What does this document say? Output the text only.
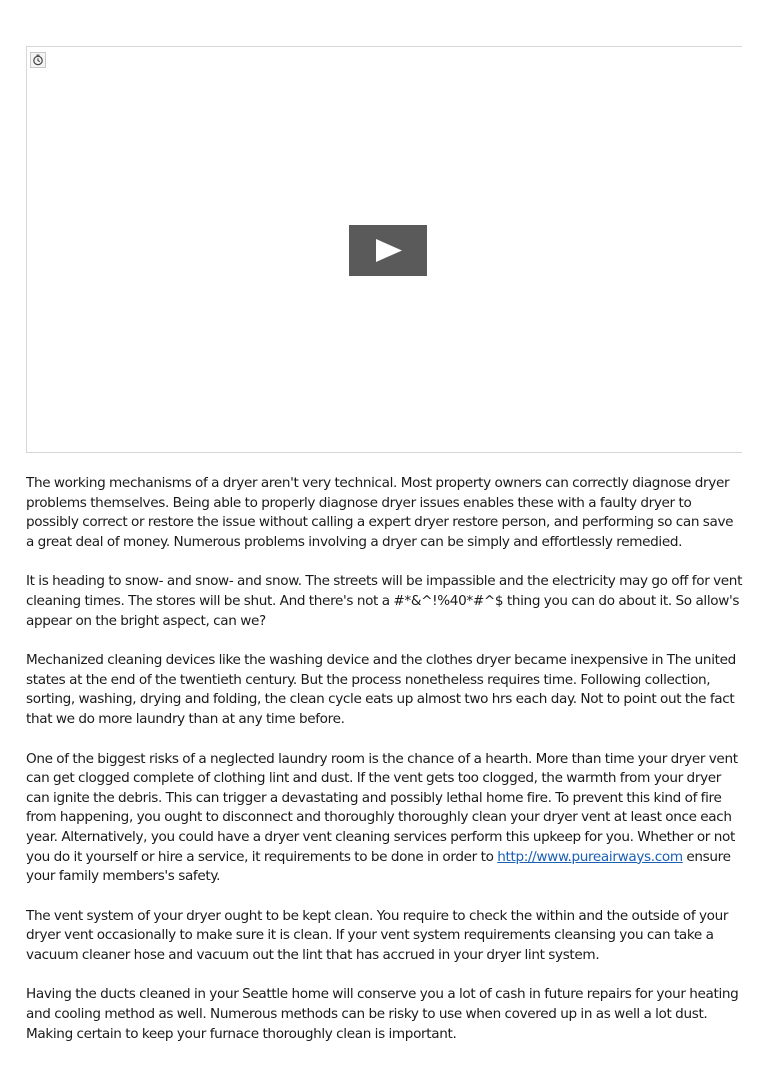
The working mechanisms of a dryer aren't very technical. Most property owners can correctly diagnose dryer problems themselves. Being able to properly diagnose dryer issues enables these with a faulty dryer to possibly correct or restore the issue without calling a expert dryer restore person, and performing so can save a great deal of money. Numerous problems involving a dryer can be simply and effortlessly remedied.

It is heading to snow- and snow- and snow. The streets will be impassible and the electricity may go off for vent cleaning times. The stores will be shut. And there's not a #*&^!%40*#^$ thing you can do about it. So allow's appear on the bright aspect, can we?

Mechanized cleaning devices like the washing device and the clothes dryer became inexpensive in The united states at the end of the twentieth century. But the process nonetheless requires time. Following collection, sorting, washing, drying and folding, the clean cycle eats up almost two hrs each day. Not to point out the fact that we do more laundry than at any time before.

One of the biggest risks of a neglected laundry room is the chance of a hearth. More than time your dryer vent can get clogged complete of clothing lint and dust. If the vent gets too clogged, the warmth from your dryer can ignite the debris. This can trigger a devastating and possibly lethal home fire. To prevent this kind of fire from happening, you ought to disconnect and thoroughly thoroughly clean your dryer vent at least once each year. Alternatively, you could have a dryer vent cleaning services perform this upkeep for you. Whether or not you do it yourself or hire a service, it requirements to be done in order to http://www.pureairways.com ensure your family members's safety.

The vent system of your dryer ought to be kept clean. You require to check the within and the outside of your dryer vent occasionally to make sure it is clean. If your vent system requirements cleansing you can take a vacuum cleaner hose and vacuum out the lint that has accrued in your dryer lint system.

Having the ducts cleaned in your Seattle home will conserve you a lot of cash in future repairs for your heating and cooling method as well. Numerous methods can be risky to use when covered up in as well a lot dust. Making certain to keep your furnace thoroughly clean is important.
